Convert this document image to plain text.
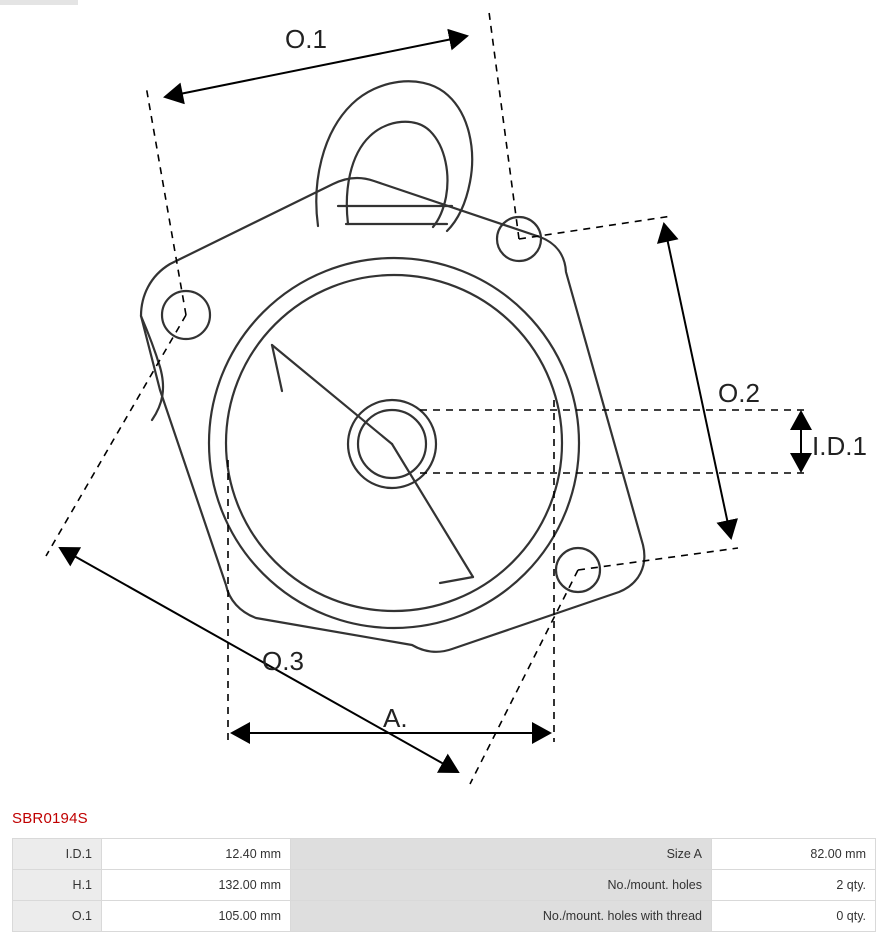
O.1
O.2
O.3
I.D.1
A.
SBR0194S
I.D.1	12.40 mm	Size A	82.00 mm
H.1	132.00 mm	No./mount. holes	2 qty.
O.1	105.00 mm	No./mount. holes with thread	0 qty.
